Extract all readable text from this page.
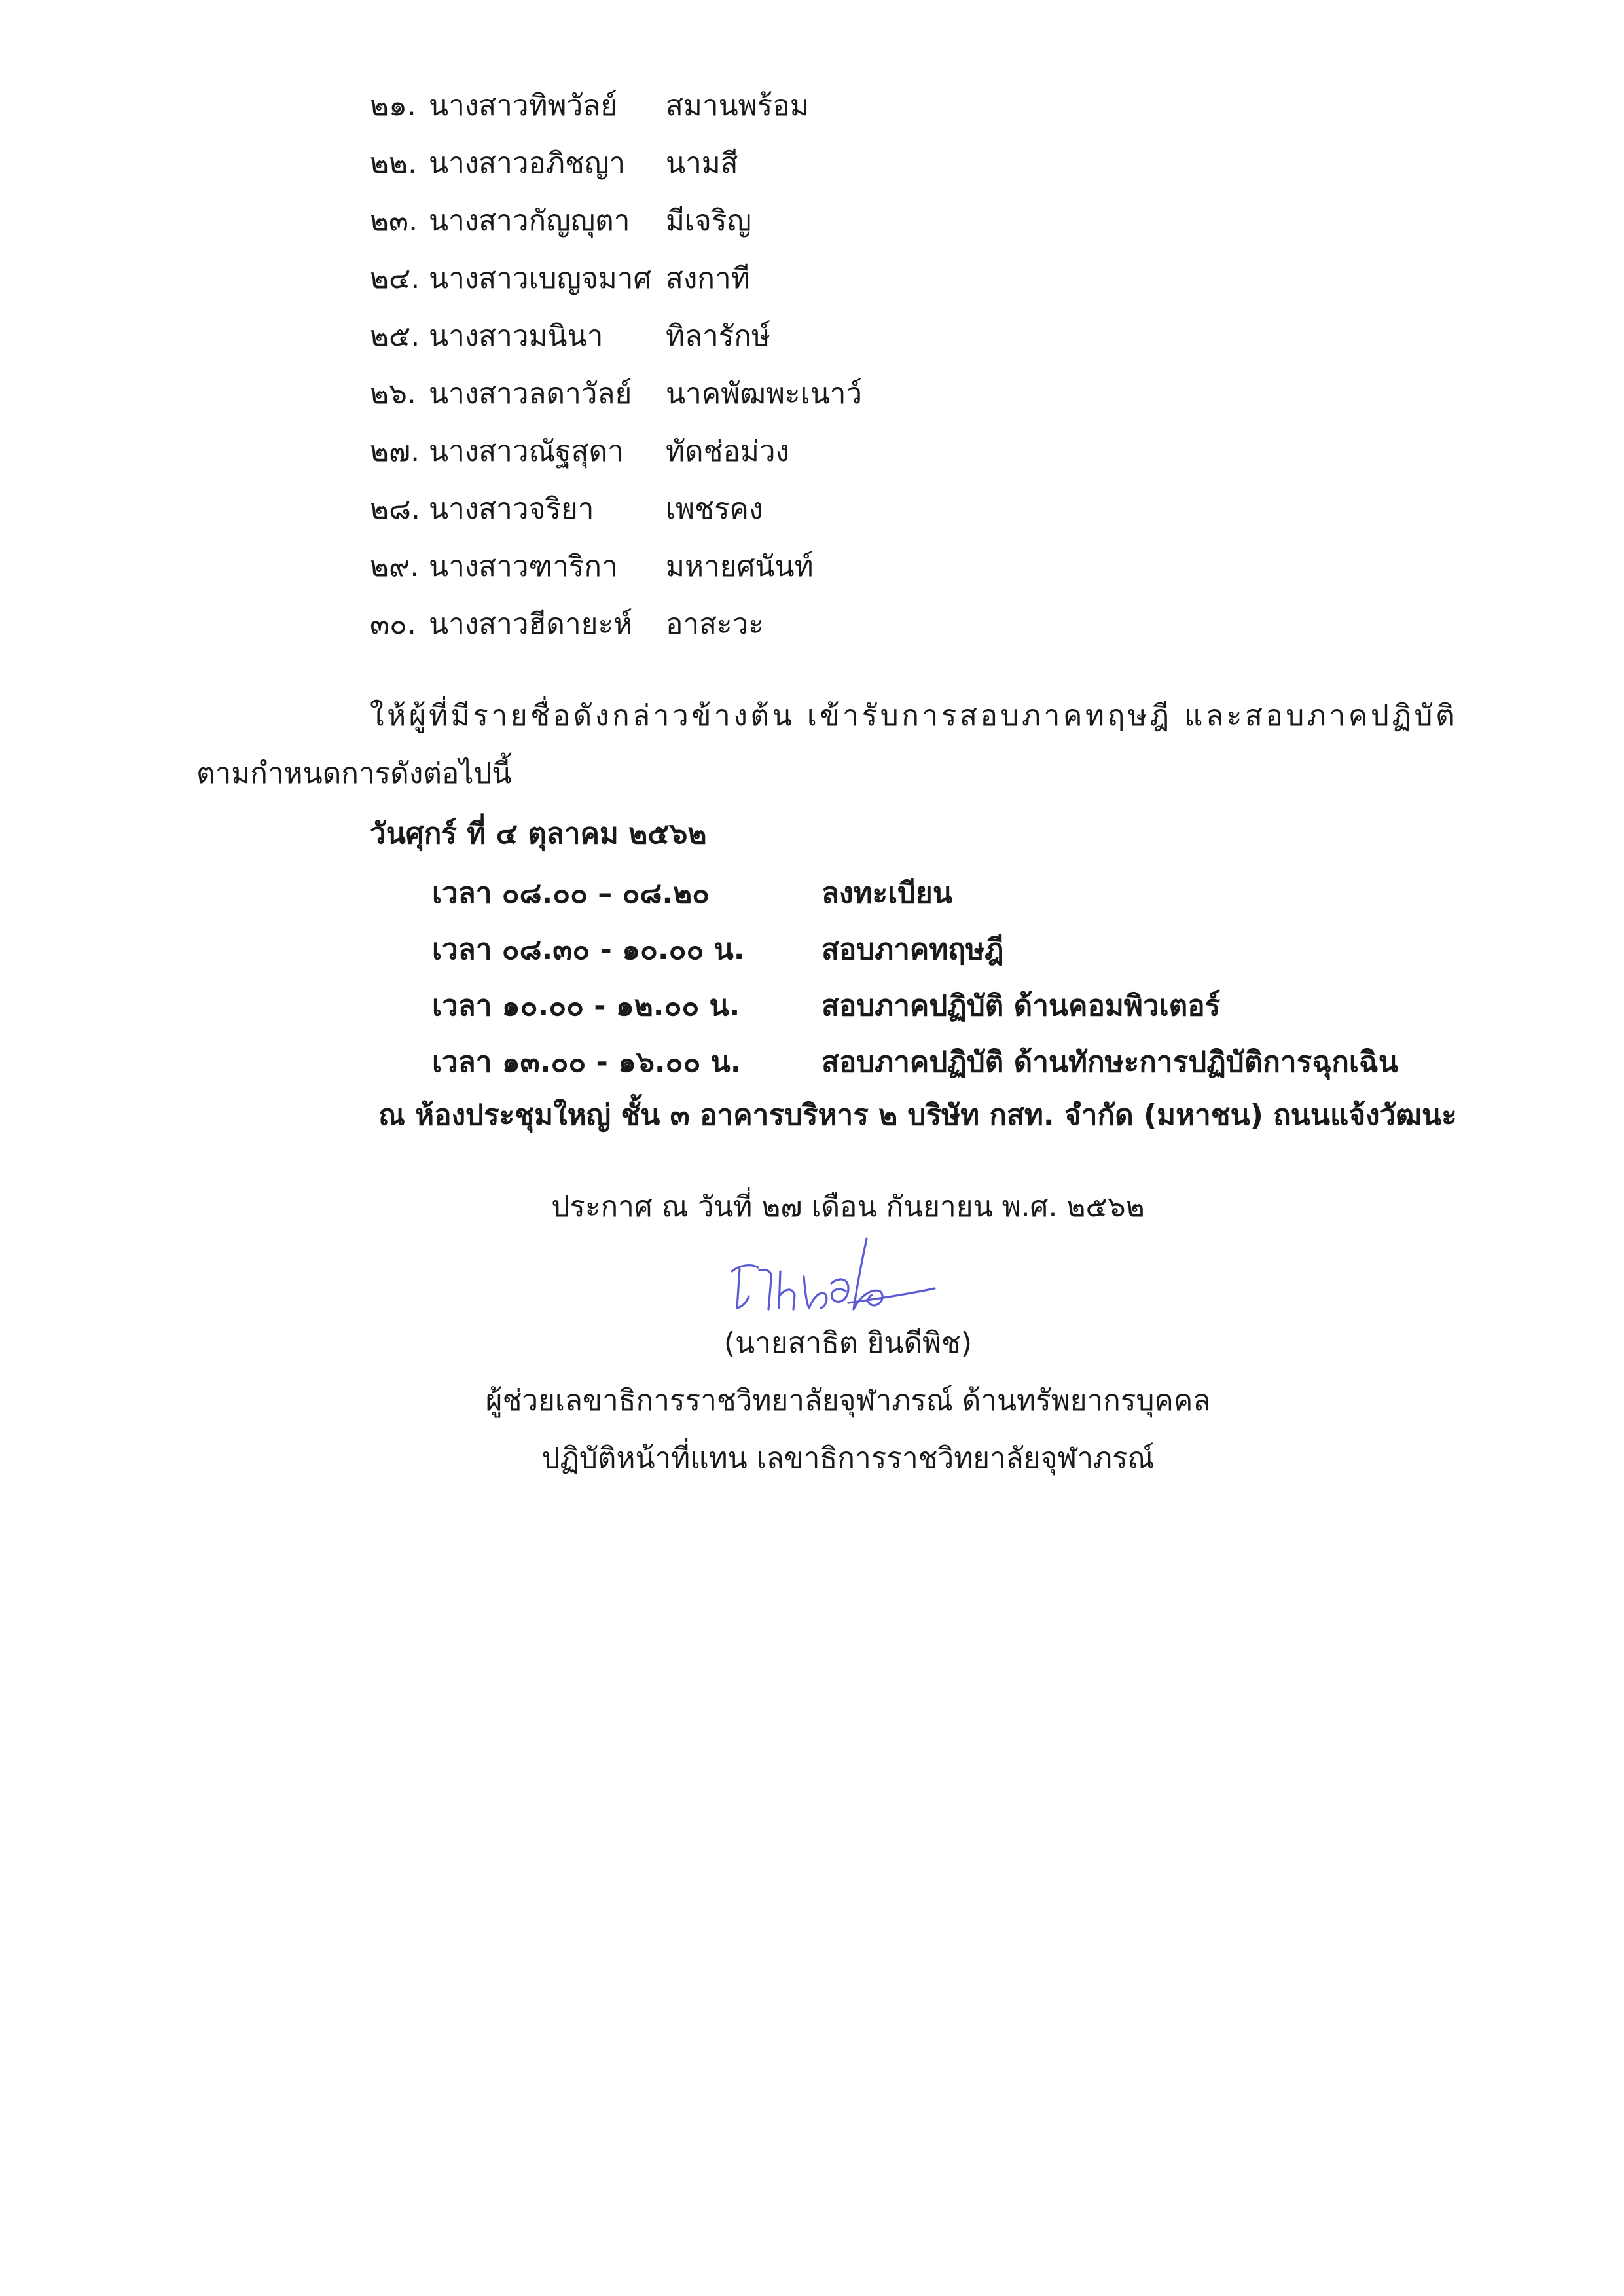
๒๑. นางสาวทิพวัลย์ สมานพร้อม
๒๒. นางสาวอภิชญา นามสี
๒๓. นางสาวกัญญุตา มีเจริญ
๒๔. นางสาวเบญจมาศ สงกาที
๒๕. นางสาวมนินา ทิลารักษ์
๒๖. นางสาวลดาวัลย์ นาคพัฒพะเนาว์
๒๗. นางสาวณัฐสุดา ทัดช่อม่วง
๒๘. นางสาวจริยา เพชรคง
๒๙. นางสาวฑาริกา มหายศนันท์
๓๐. นางสาวฮีดายะห์ อาสะวะ
ให้ผู้ที่มีรายชื่อดังกล่าวข้างต้น เข้ารับการสอบภาคทฤษฎี และสอบภาคปฏิบัติ
ตามกำหนดการดังต่อไปนี้
วันศุกร์ ที่ ๔ ตุลาคม ๒๕๖๒
เวลา ๐๘.๐๐ – ๐๘.๒๐	ลงทะเบียน
เวลา ๐๘.๓๐ - ๑๐.๐๐ น.	สอบภาคทฤษฎี
เวลา ๑๐.๐๐ - ๑๒.๐๐ น.	สอบภาคปฏิบัติ ด้านคอมพิวเตอร์
เวลา ๑๓.๐๐ - ๑๖.๐๐ น.	สอบภาคปฏิบัติ ด้านทักษะการปฏิบัติการฉุกเฉิน
ณ ห้องประชุมใหญ่ ชั้น ๓ อาคารบริหาร ๒ บริษัท กสท. จำกัด (มหาชน) ถนนแจ้งวัฒนะ
ประกาศ ณ วันที่ ๒๗ เดือน กันยายน พ.ศ. ๒๕๖๒
(นายสาธิต ยินดีพิช)
ผู้ช่วยเลขาธิการราชวิทยาลัยจุฬาภรณ์ ด้านทรัพยากรบุคคล
ปฏิบัติหน้าที่แทน เลขาธิการราชวิทยาลัยจุฬาภรณ์
